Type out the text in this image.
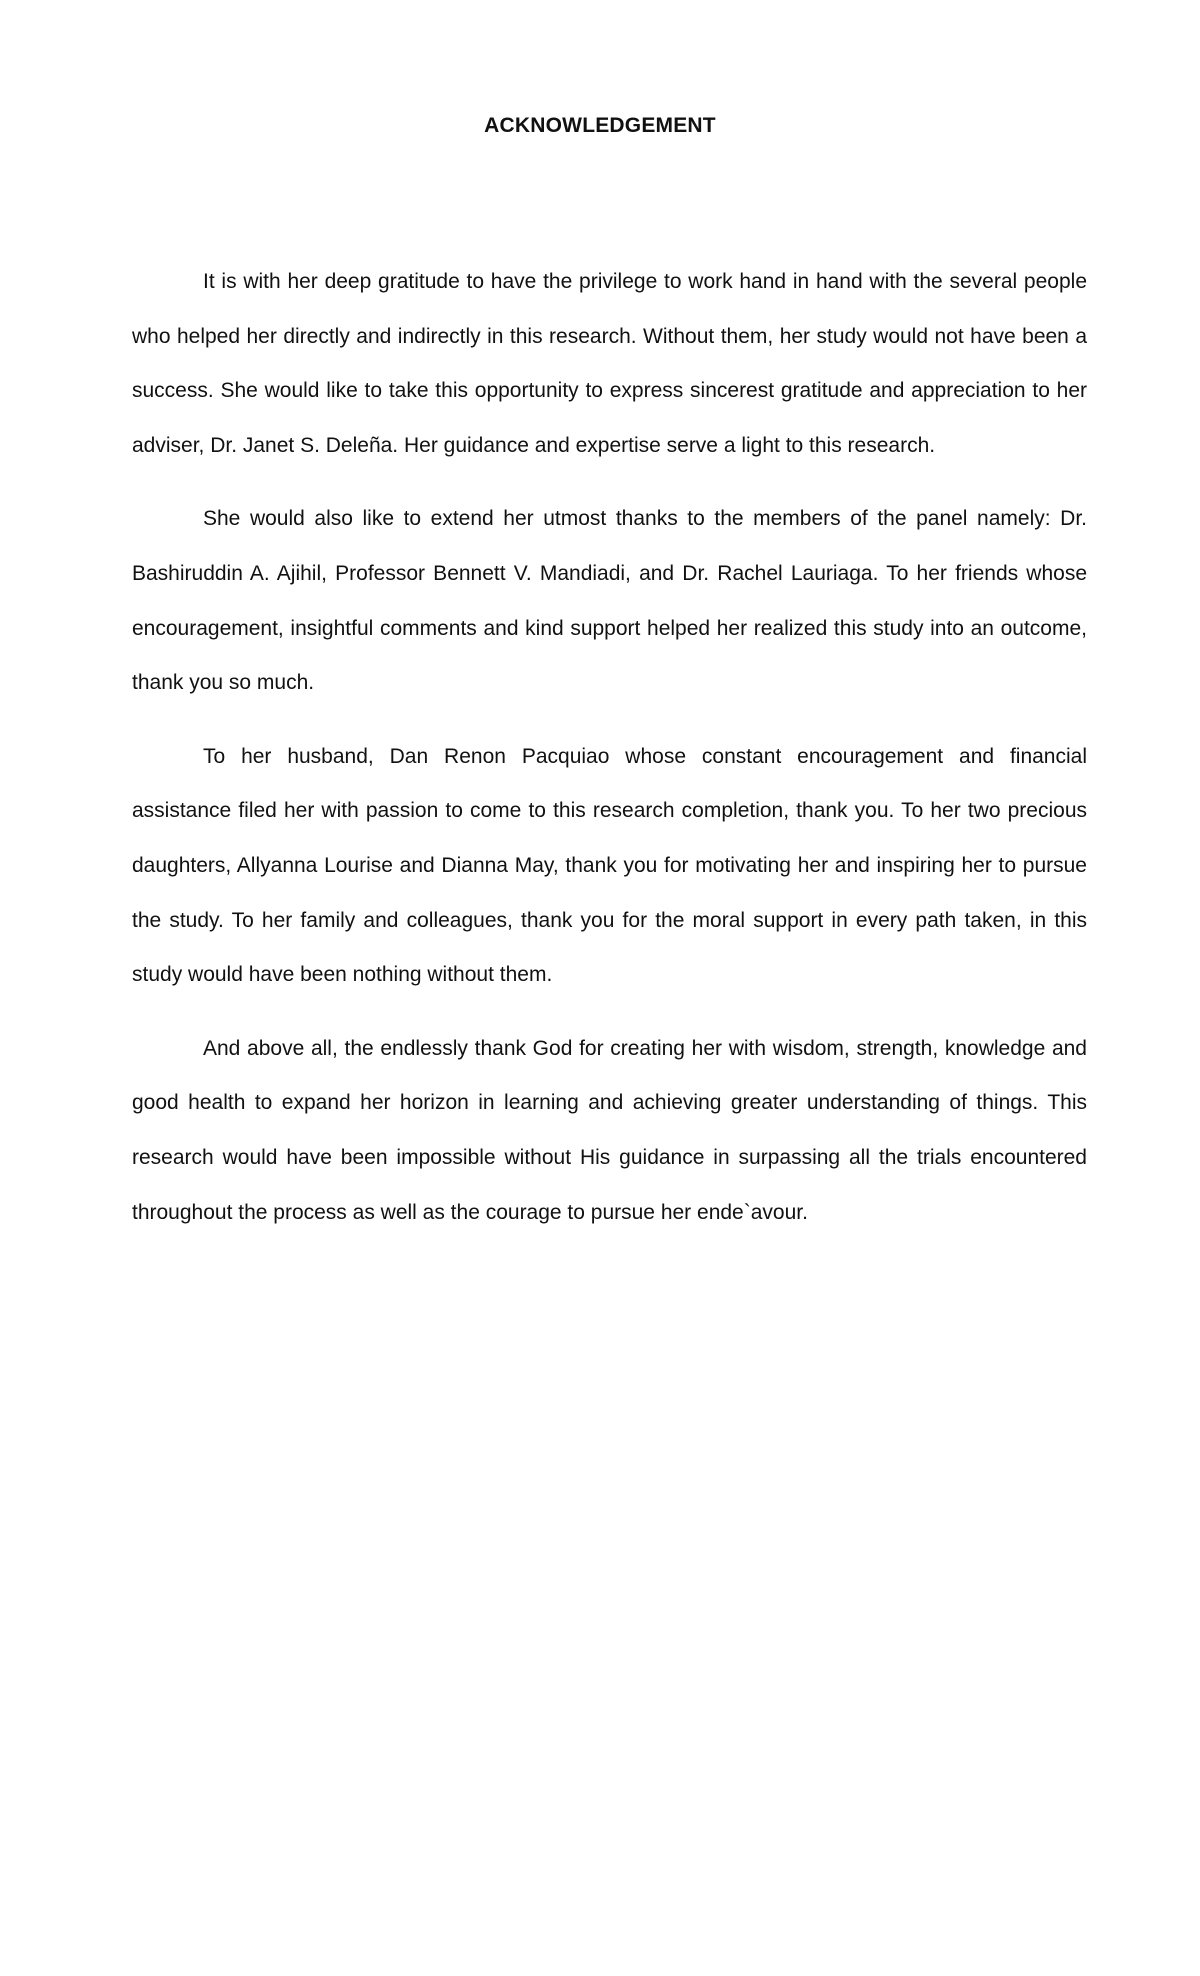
ACKNOWLEDGEMENT

It is with her deep gratitude to have the privilege to work hand in hand with the several people who helped her directly and indirectly in this research. Without them, her study would not have been a success. She would like to take this opportunity to express sincerest gratitude and appreciation to her adviser, Dr. Janet S. Deleña. Her guidance and expertise serve a light to this research.

She would also like to extend her utmost thanks to the members of the panel namely: Dr. Bashiruddin A. Ajihil, Professor Bennett V. Mandiadi, and Dr. Rachel Lauriaga. To her friends whose encouragement, insightful comments and kind support helped her realized this study into an outcome, thank you so much.

To her husband, Dan Renon Pacquiao whose constant encouragement and financial assistance filed her with passion to come to this research completion, thank you. To her two precious daughters, Allyanna Lourise and Dianna May, thank you for motivating her and inspiring her to pursue the study. To her family and colleagues, thank you for the moral support in every path taken, in this study would have been nothing without them.

And above all, the endlessly thank God for creating her with wisdom, strength, knowledge and good health to expand her horizon in learning and achieving greater understanding of things. This research would have been impossible without His guidance in surpassing all the trials encountered throughout the process as well as the courage to pursue her ende`avour.
